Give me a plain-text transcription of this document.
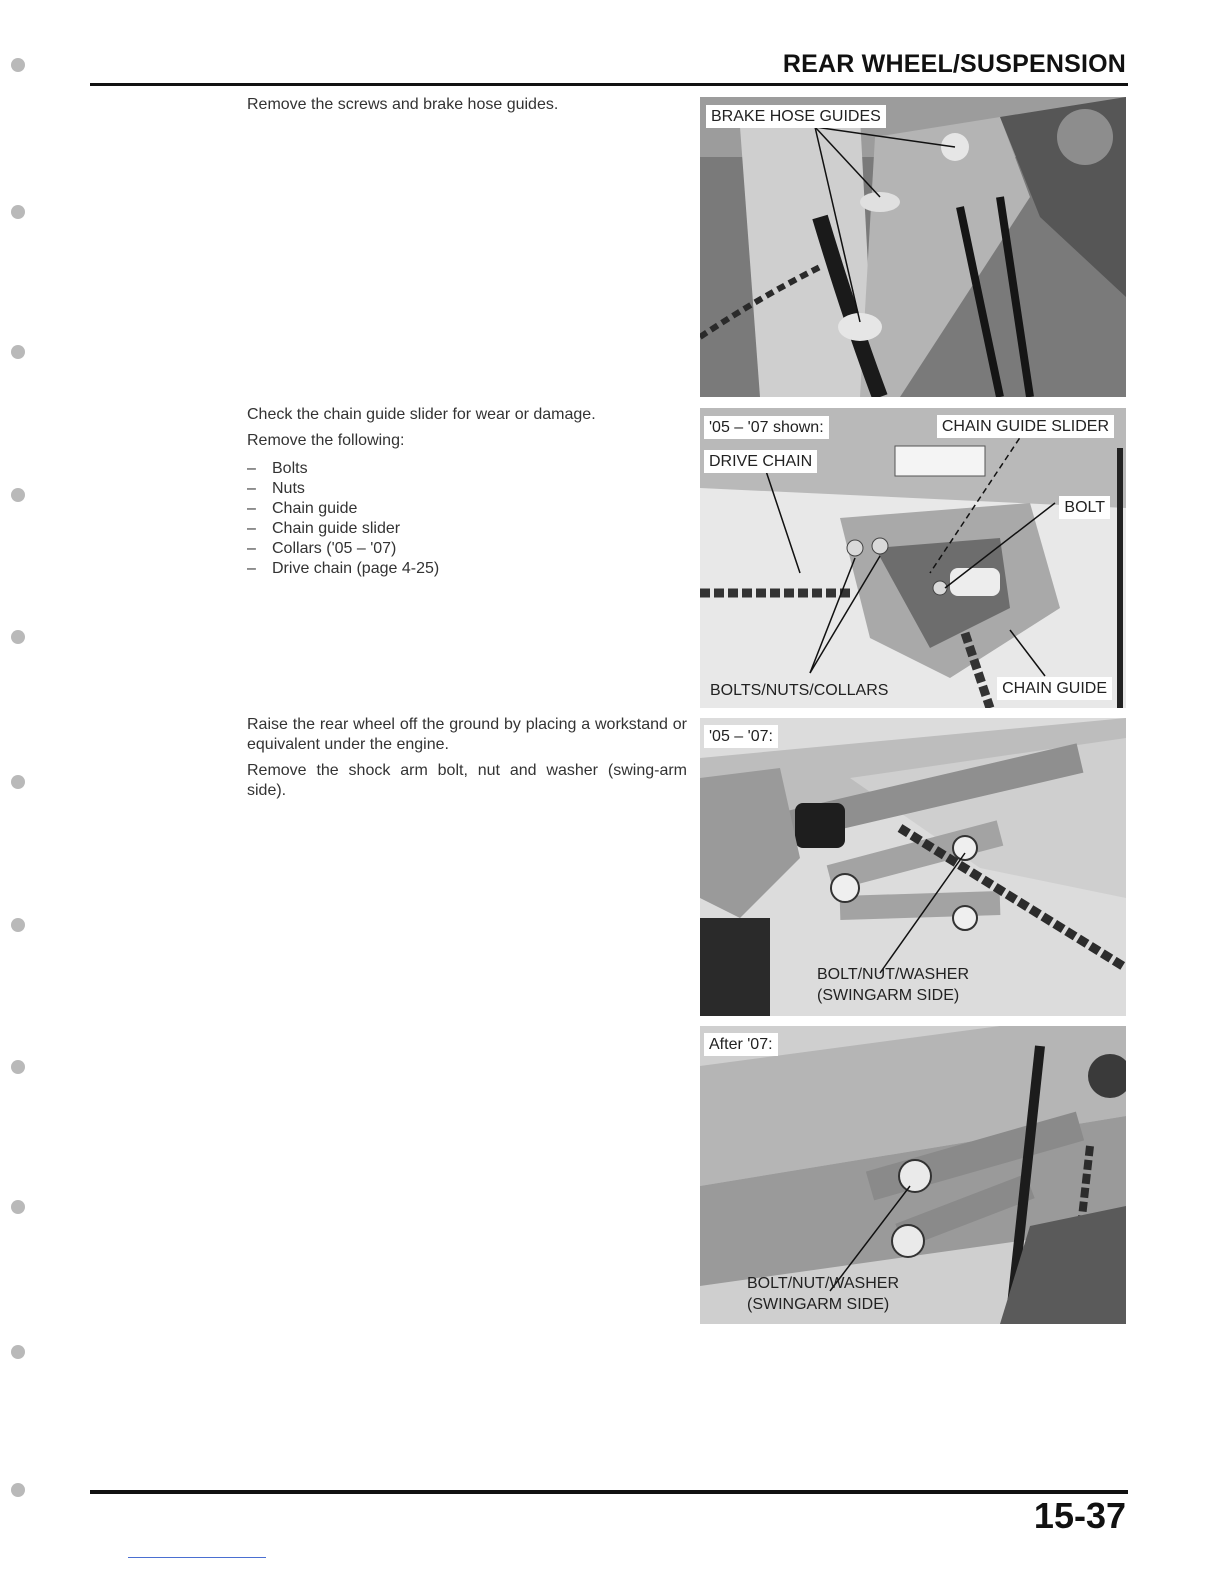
REAR WHEEL/SUSPENSION

Remove the screws and brake hose guides.

Check the chain guide slider for wear or damage.

Remove the following:

– Bolts
– Nuts
– Chain guide
– Chain guide slider
– Collars ('05 – '07)
– Drive chain (page 4-25)

Raise the rear wheel off the ground by placing a workstand or equivalent under the engine.

Remove the shock arm bolt, nut and washer (swing-arm side).

BRAKE HOSE GUIDES
'05 – '07 shown:
DRIVE CHAIN
CHAIN GUIDE SLIDER
BOLT
BOLTS/NUTS/COLLARS	CHAIN GUIDE
'05 – '07:
BOLT/NUT/WASHER
(SWINGARM SIDE)
After '07:
BOLT/NUT/WASHER
(SWINGARM SIDE)
15-37
